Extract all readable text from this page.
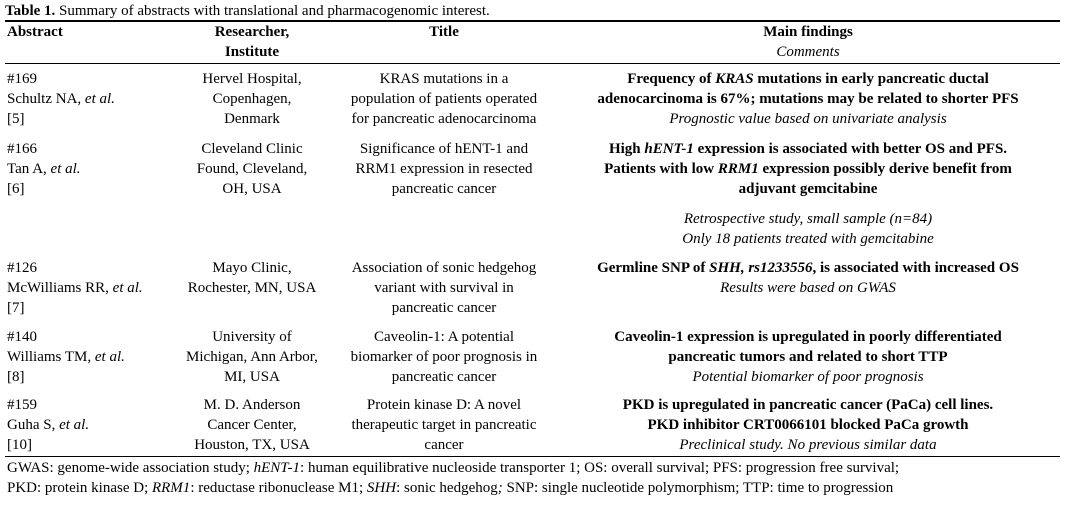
Table 1. Summary of abstracts with translational and pharmacogenomic interest.
Abstract	Researcher,
Institute
Title	Main findings
Comments
#169
Schultz NA, et al.
[5]
Hervel Hospital,
Copenhagen,
Denmark
KRAS mutations in a
population of patients operated
for pancreatic adenocarcinoma
Frequency of KRAS mutations in early pancreatic ductal
adenocarcinoma is 67%; mutations may be related to shorter PFS
Prognostic value based on univariate analysis
#166
Tan A, et al.
[6]
Cleveland Clinic
Found, Cleveland,
OH, USA
Significance of hENT-1 and
RRM1 expression in resected
pancreatic cancer
High hENT-1 expression is associated with better OS and PFS.
Patients with low RRM1 expression possibly derive benefit from
adjuvant gemcitabine
Retrospective study, small sample (n=84)
Only 18 patients treated with gemcitabine
#126
McWilliams RR, et al.
[7]
Mayo Clinic,
Rochester, MN, USA
Association of sonic hedgehog
variant with survival in
pancreatic cancer
Germline SNP of SHH, rs1233556, is associated with increased OS
Results were based on GWAS
#140
Williams TM, et al.
[8]
University of
Michigan, Ann Arbor,
MI, USA
Caveolin-1: A potential
biomarker of poor prognosis in
pancreatic cancer
Caveolin-1 expression is upregulated in poorly differentiated
pancreatic tumors and related to short TTP
Potential biomarker of poor prognosis
#159
Guha S, et al.
[10]
M. D. Anderson
Cancer Center,
Houston, TX, USA
Protein kinase D: A novel
therapeutic target in pancreatic
cancer
PKD is upregulated in pancreatic cancer (PaCa) cell lines.
PKD inhibitor CRT0066101 blocked PaCa growth
Preclinical study. No previous similar data
GWAS: genome-wide association study; hENT-1: human equilibrative nucleoside transporter 1; OS: overall survival; PFS: progression free survival;
PKD: protein kinase D; RRM1: reductase ribonuclease M1; SHH: sonic hedgehog; SNP: single nucleotide polymorphism; TTP: time to progression
